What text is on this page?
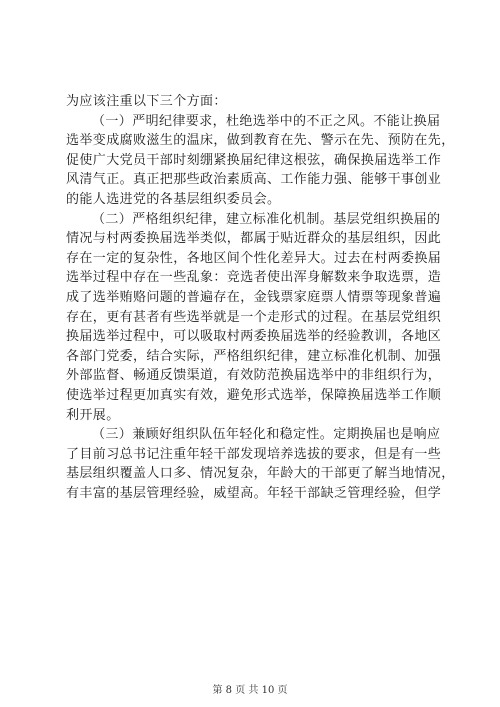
为应该注重以下三个方面：
（一）严明纪律要求，杜绝选举中的不正之风。不能让换届
选举变成腐败滋生的温床，做到教育在先、警示在先、预防在先，
促使广大党员干部时刻绷紧换届纪律这根弦，确保换届选举工作
风清气正。真正把那些政治素质高、工作能力强、能够干事创业
的能人选进党的各基层组织委员会。
（二）严格组织纪律，建立标准化机制。基层党组织换届的
情况与村两委换届选举类似，都属于贴近群众的基层组织，因此
存在一定的复杂性，各地区间个性化差异大。过去在村两委换届
选举过程中存在一些乱象：竞选者使出浑身解数来争取选票，造
成了选举贿赂问题的普遍存在，金钱票家庭票人情票等现象普遍
存在，更有甚者有些选举就是一个走形式的过程。在基层党组织
换届选举过程中，可以吸取村两委换届选举的经验教训，各地区
各部门党委，结合实际，严格组织纪律，建立标准化机制、加强
外部监督、畅通反馈渠道，有效防范换届选举中的非组织行为，
使选举过程更加真实有效，避免形式选举，保障换届选举工作顺
利开展。
（三）兼顾好组织队伍年轻化和稳定性。定期换届也是响应
了目前习总书记注重年轻干部发现培养选拔的要求，但是有一些
基层组织覆盖人口多、情况复杂，年龄大的干部更了解当地情况，
有丰富的基层管理经验，威望高。年轻干部缺乏管理经验，但学
第 8 页 共 10 页
